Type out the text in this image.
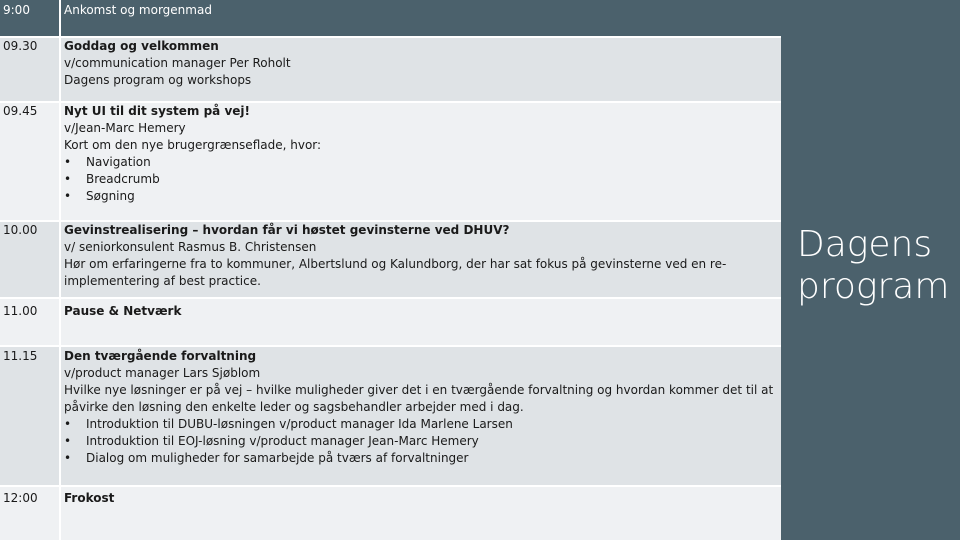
9:00	Ankomst og morgenmad
09.30	Goddag og velkommen
v/communication manager Per Roholt
Dagens program og workshops
09.45	Nyt UI til dit system på vej!
v/Jean-Marc Hemery
Kort om den nye brugergrænseflade, hvor:
• Navigation
• Breadcrumb
• Søgning
10.00	Gevinstrealisering – hvordan får vi høstet gevinsterne ved DHUV?
v/ seniorkonsulent Rasmus B. Christensen
Hør om erfaringerne fra to kommuner, Albertslund og Kalundborg, der har sat fokus på gevinsterne ved en re-implementering af best practice.
11.00	Pause & Netværk
11.15	Den tværgående forvaltning
v/product manager Lars Sjøblom
Hvilke nye løsninger er på vej – hvilke muligheder giver det i en tværgående forvaltning og hvordan kommer det til at påvirke den løsning den enkelte leder og sagsbehandler arbejder med i dag.
• Introduktion til DUBU-løsningen v/product manager Ida Marlene Larsen
• Introduktion til EOJ-løsning v/product manager Jean-Marc Hemery
• Dialog om muligheder for samarbejde på tværs af forvaltninger
12:00	Frokost
Dagens
program
